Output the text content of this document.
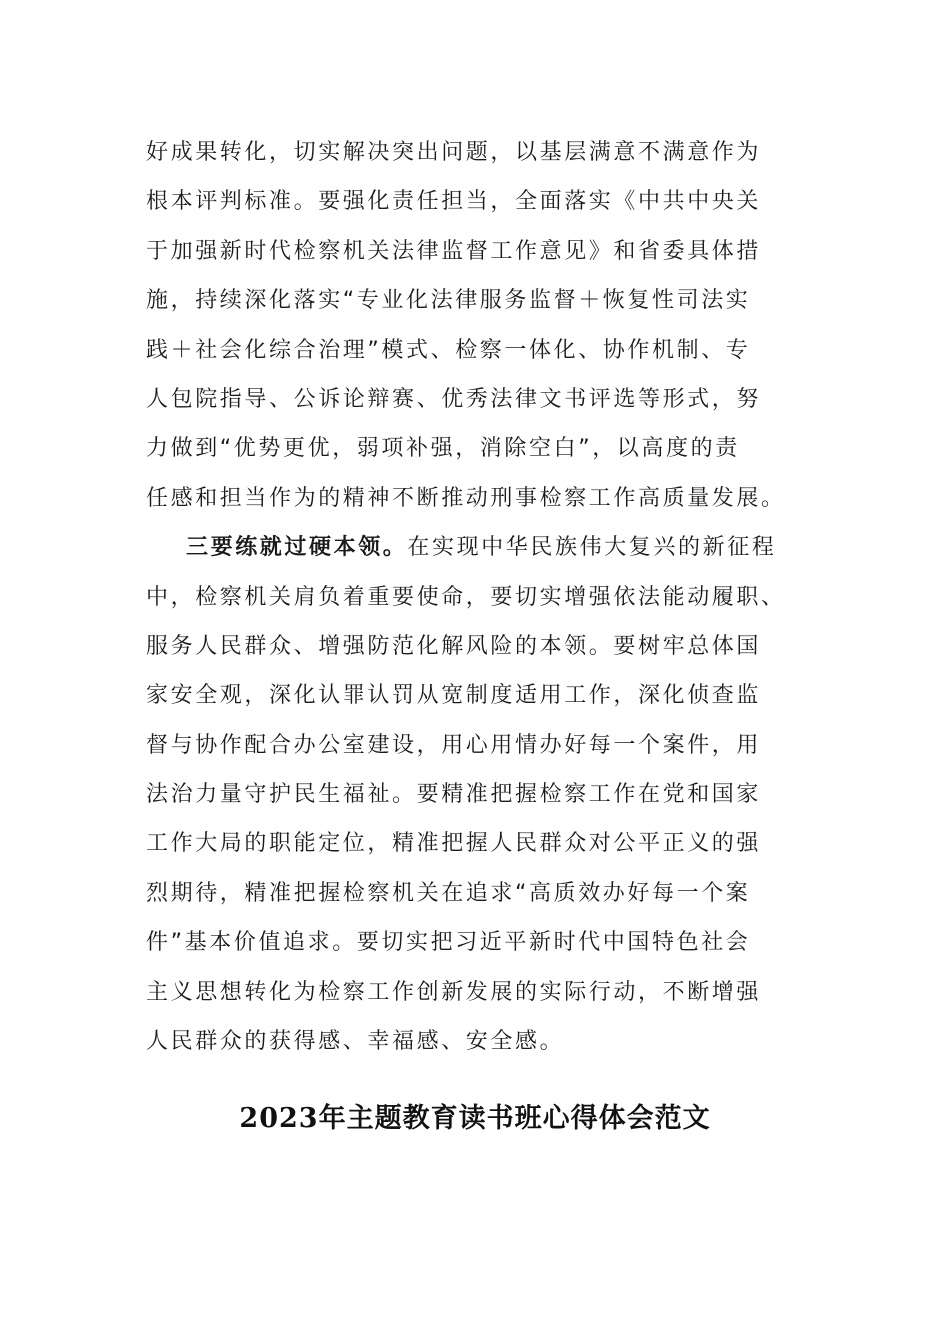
好成果转化，切实解决突出问题，以基层满意不满意作为
根本评判标准。要强化责任担当，全面落实《中共中央关
于加强新时代检察机关法律监督工作意见》和省委具体措
施，持续深化落实“专业化法律服务监督＋恢复性司法实
践＋社会化综合治理”模式、检察一体化、协作机制、专
人包院指导、公诉论辩赛、优秀法律文书评选等形式，努
力做到“优势更优，弱项补强，消除空白”，以高度的责
任感和担当作为的精神不断推动刑事检察工作高质量发展。
三要练就过硬本领。在实现中华民族伟大复兴的新征程
中，检察机关肩负着重要使命，要切实增强依法能动履职、
服务人民群众、增强防范化解风险的本领。要树牢总体国
家安全观，深化认罪认罚从宽制度适用工作，深化侦查监
督与协作配合办公室建设，用心用情办好每一个案件，用
法治力量守护民生福祉。要精准把握检察工作在党和国家
工作大局的职能定位，精准把握人民群众对公平正义的强
烈期待，精准把握检察机关在追求“高质效办好每一个案
件”基本价值追求。要切实把习近平新时代中国特色社会
主义思想转化为检察工作创新发展的实际行动，不断增强
人民群众的获得感、幸福感、安全感。
2023年主题教育读书班心得体会范文
